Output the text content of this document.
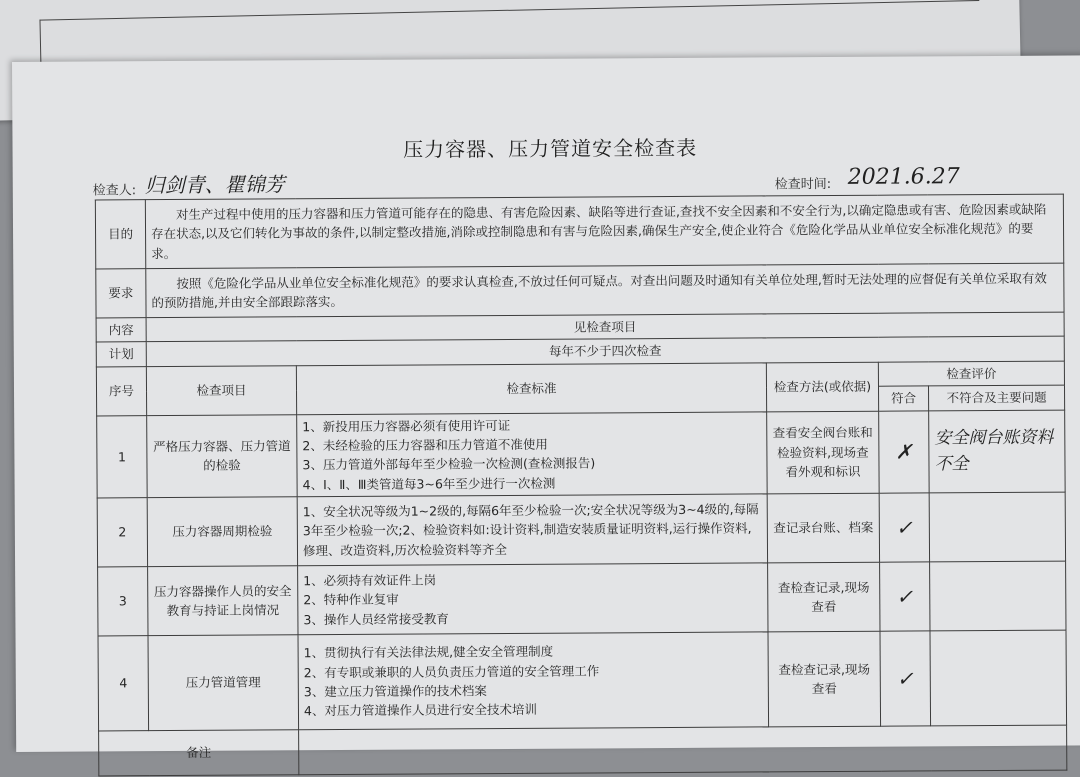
压力容器、压力管道安全检查表
检查人: 归剑青、瞿锦芳	检查时间: 2021.6.27
目的	对生产过程中使用的压力容器和压力管道可能存在的隐患、有害危险因素、缺陷等进行查证,查找不安全因素和不安全行为,以确定隐患或有害、危险因素或缺陷存在状态,以及它们转化为事故的条件,以制定整改措施,消除或控制隐患和有害与危险因素,确保生产安全,使企业符合《危险化学品从业单位安全标准化规范》的要求。				
要求	按照《危险化学品从业单位安全标准化规范》的要求认真检查,不放过任何可疑点。对查出问题及时通知有关单位处理,暂时无法处理的应督促有关单位采取有效的预防措施,并由安全部跟踪落实。				
内容	见检查项目				
计划	每年不少于四次检查				
序号	检查项目	检查标准	检查方法(或依据)	检查评价	
				符合	不符合及主要问题
1	严格压力容器、压力管道的检验	1、新投用压力容器必须有使用许可证
2、未经检验的压力容器和压力管道不准使用
3、压力管道外部每年至少检验一次检测(查检测报告)
4、Ⅰ、Ⅱ、Ⅲ类管道每3~6年至少进行一次检测	查看安全阀台账和检验资料,现场查看外观和标识	✗	安全阀台账资料不全
2	压力容器周期检验	1、安全状况等级为1~2级的,每隔6年至少检验一次;安全状况等级为3~4级的,每隔3年至少检验一次;2、检验资料如:设计资料,制造安装质量证明资料,运行操作资料,修理、改造资料,历次检验资料等齐全	查记录台账、档案	✓	
3	压力容器操作人员的安全教育与持证上岗情况	1、必须持有效证件上岗
2、特种作业复审
3、操作人员经常接受教育	查检查记录,现场查看	✓	
4	压力管道管理	1、贯彻执行有关法律法规,健全安全管理制度
2、有专职或兼职的人员负责压力管道的安全管理工作
3、建立压力管道操作的技术档案
4、对压力管道操作人员进行安全技术培训	查检查记录,现场查看	✓	
备注					
